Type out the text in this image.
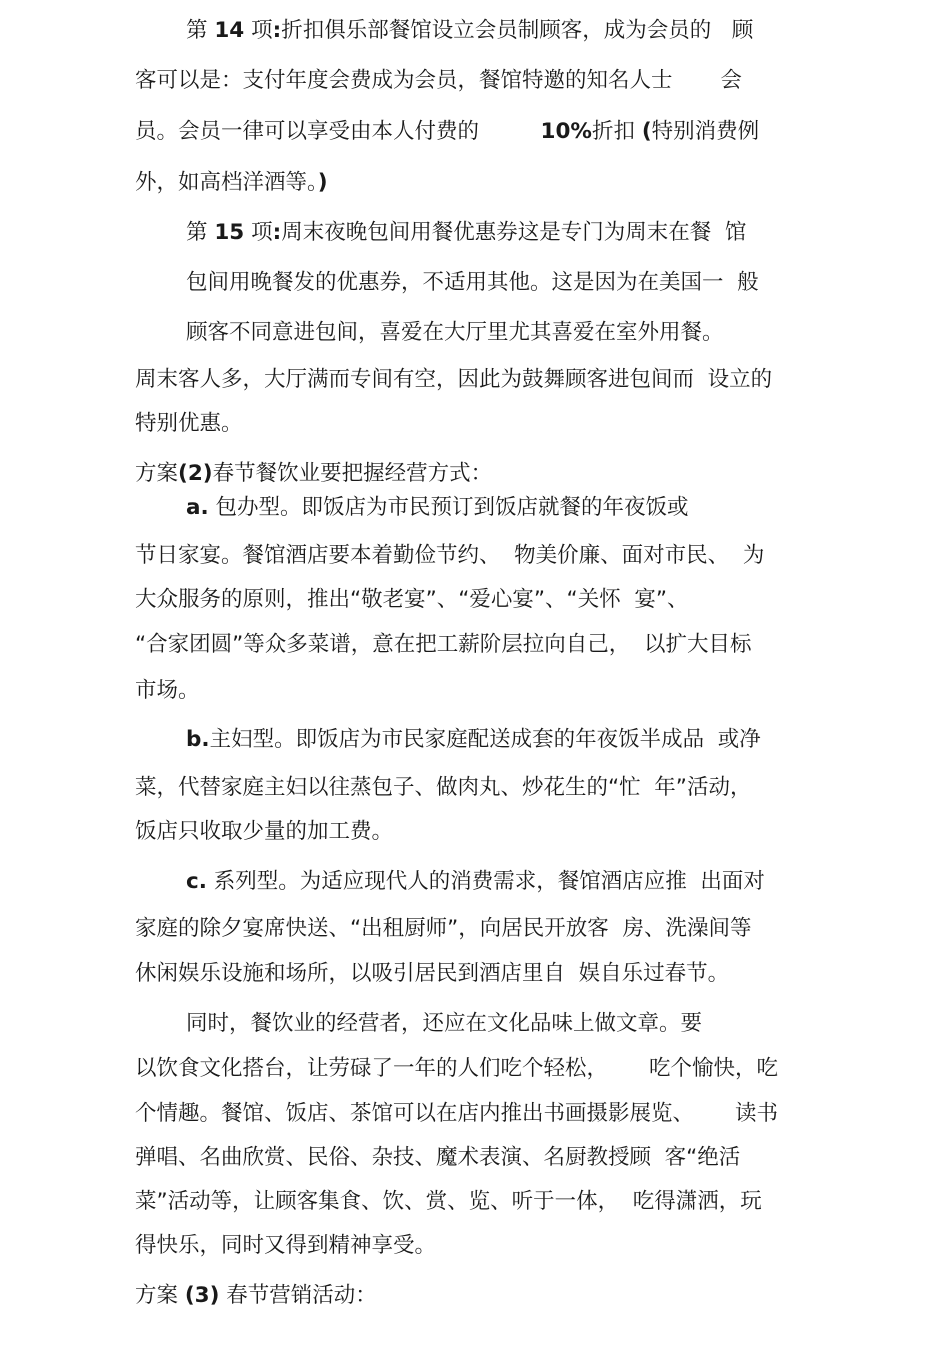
第 14 项:折扣俱乐部餐馆设立会员制顾客，成为会员的   顾
客可以是：支付年度会费成为会员，餐馆特邀的知名人士       会
员。会员一律可以享受由本人付费的         10%折扣 (特别消费例
外，如高档洋酒等。)
第 15 项:周末夜晚包间用餐优惠券这是专门为周末在餐  馆
包间用晚餐发的优惠券，不适用其他。这是因为在美国一  般
顾客不同意进包间，喜爱在大厅里尤其喜爱在室外用餐。
周末客人多，大厅满而专间有空，因此为鼓舞顾客进包间而  设立的
特别优惠。
方案(2)春节餐饮业要把握经营方式：
a. 包办型。即饭店为市民预订到饭店就餐的年夜饭或
节日家宴。餐馆酒店要本着勤俭节约、  物美价廉、面对市民、  为
大众服务的原则，推出“敬老宴”、“爱心宴”、“关怀  宴”、
“合家团圆”等众多菜谱，意在把工薪阶层拉向自己，  以扩大目标
市场。
b.主妇型。即饭店为市民家庭配送成套的年夜饭半成品  或净
菜，代替家庭主妇以往蒸包子、做肉丸、炒花生的“忙  年”活动，
饭店只收取少量的加工费。
c. 系列型。为适应现代人的消费需求，餐馆酒店应推  出面对
家庭的除夕宴席快送、“出租厨师”，向居民开放客  房、洗澡间等
休闲娱乐设施和场所，以吸引居民到酒店里自  娱自乐过春节。
同时，餐饮业的经营者，还应在文化品味上做文章。要
以饮食文化搭台，让劳碌了一年的人们吃个轻松，      吃个愉快，吃
个情趣。餐馆、饭店、茶馆可以在店内推出书画摄影展览、      读书
弹唱、名曲欣赏、民俗、杂技、魔术表演、名厨教授顾  客“绝活
菜”活动等，让顾客集食、饮、赏、览、听于一体，  吃得潇洒，玩
得快乐，同时又得到精神享受。
方案 (3) 春节营销活动：
